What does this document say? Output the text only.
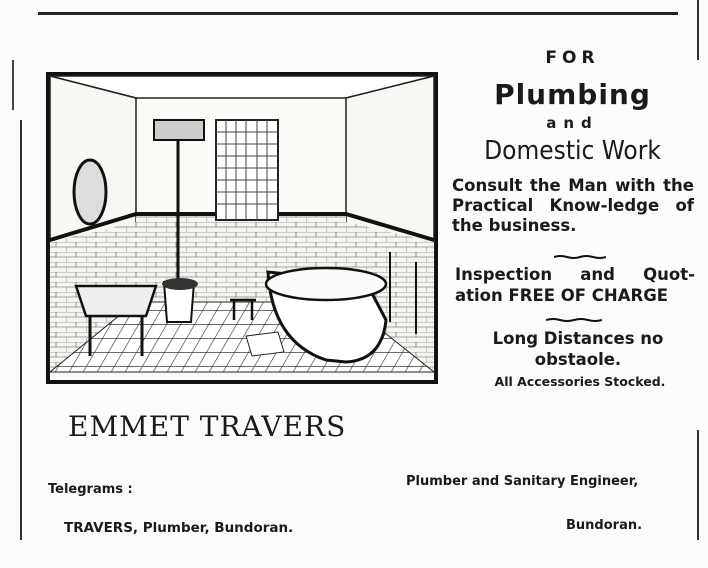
FOR
Plumbing
and
Domestic Work
Consult the Man with the Practical Know-ledge of the business.
Inspection and Quot-ation FREE OF CHARGE
Long Distances no obstaole.
All Accessories Stocked.
EMMET TRAVERS
Telegrams :
TRAVERS, Plumber, Bundoran.
Plumber and Sanitary Engineer,
Bundoran.
